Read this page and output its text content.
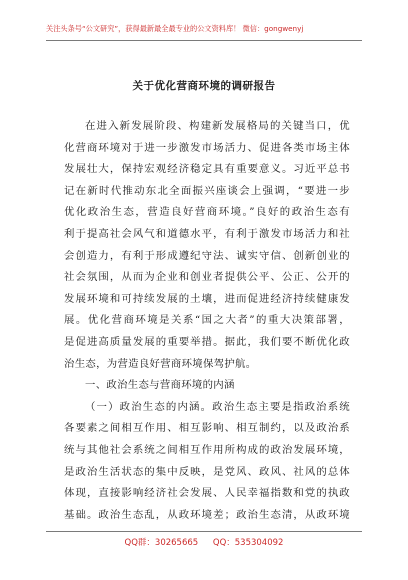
关注头条号“公文研究”，获得最新最全最专业的公文资料库！ 微信：gongwenyj
关于优化营商环境的调研报告
在进入新发展阶段、构建新发展格局的关键当口，优
化营商环境对于进一步激发市场活力、促进各类市场主体
发展壮大，保持宏观经济稳定具有重要意义。习近平总书
记在新时代推动东北全面振兴座谈会上强调，“要进一步
优化政治生态，营造良好营商环境。”良好的政治生态有
利于提高社会风气和道德水平，有利于激发市场活力和社
会创造力，有利于形成遵纪守法、诚实守信、创新创业的
社会氛围，从而为企业和创业者提供公平、公正、公开的
发展环境和可持续发展的土壤，进而促进经济持续健康发
展。优化营商环境是关系“国之大者”的重大决策部署，
是促进高质量发展的重要举措。据此，我们要不断优化政
治生态，为营造良好营商环境保驾护航。
一、政治生态与营商环境的内涵
（一）政治生态的内涵。政治生态主要是指政治系统
各要素之间相互作用、相互影响、相互制约，以及政治系
统与其他社会系统之间相互作用所构成的政治发展环境，
是政治生活状态的集中反映，是党风、政风、社风的总体
体现，直接影响经济社会发展、人民幸福指数和党的执政
基础。政治生态乱，从政环境差；政治生态清，从政环境
QQ群：30265665 QQ：535304092
